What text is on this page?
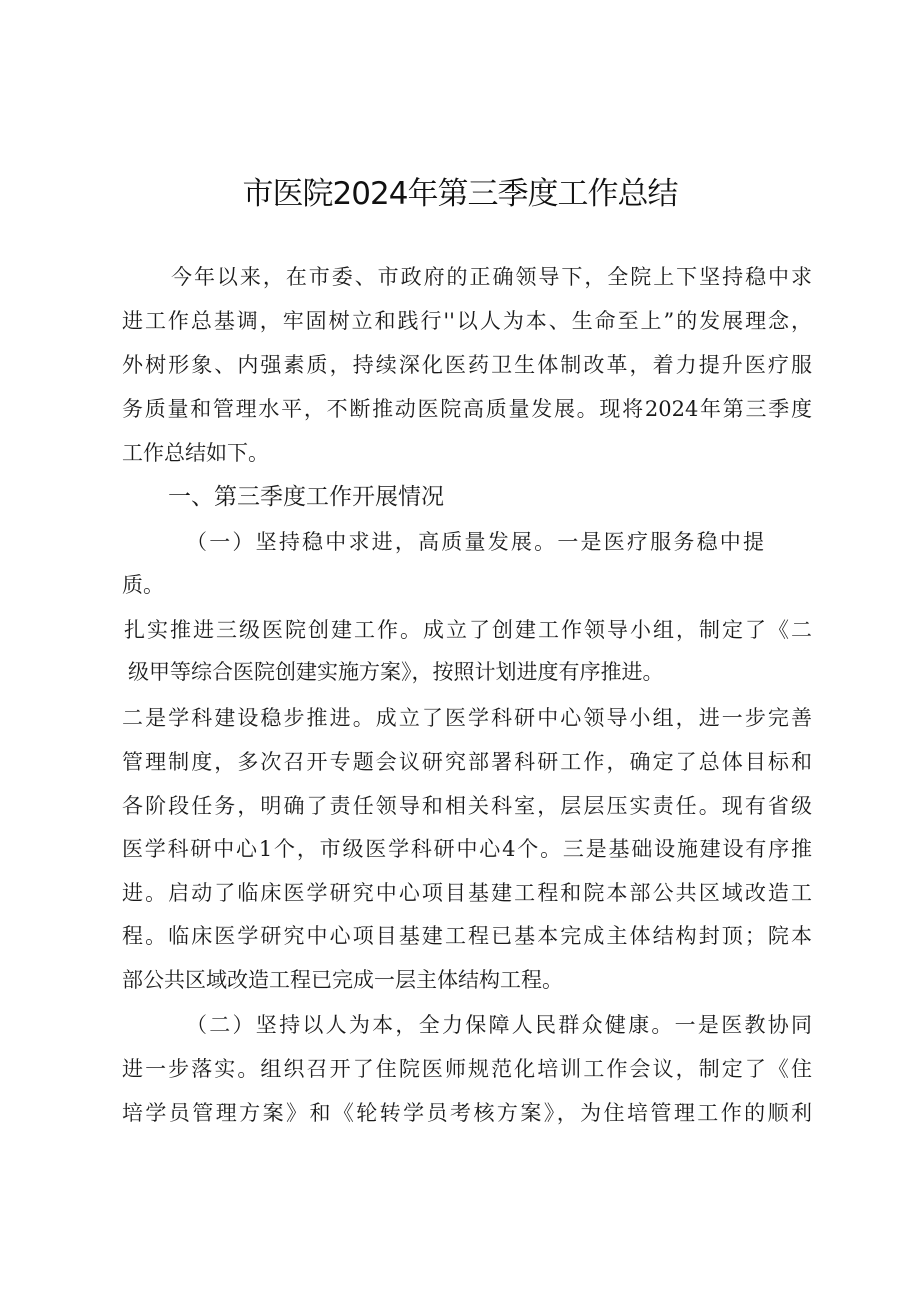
市医院2024年第三季度工作总结
今年以来，在市委、市政府的正确领导下，全院上下坚持稳中求
进工作总基调，牢固树立和践行''以人为本、生命至上”的发展理念，
外树形象、内强素质，持续深化医药卫生体制改革，着力提升医疗服
务质量和管理水平，不断推动医院高质量发展。现将2024年第三季度
工作总结如下。
一、第三季度工作开展情况
（一）坚持稳中求进，高质量发展。一是医疗服务稳中提
质。
扎实推进三级医院创建工作。成立了创建工作领导小组，制定了《二
级甲等综合医院创建实施方案》，按照计划进度有序推进。
二是学科建设稳步推进。成立了医学科研中心领导小组，进一步完善
管理制度，多次召开专题会议研究部署科研工作，确定了总体目标和
各阶段任务，明确了责任领导和相关科室，层层压实责任。现有省级
医学科研中心1个，市级医学科研中心4个。三是基础设施建设有序推
进。启动了临床医学研究中心项目基建工程和院本部公共区域改造工
程。临床医学研究中心项目基建工程已基本完成主体结构封顶；院本
部公共区域改造工程已完成一层主体结构工程。
（二）坚持以人为本，全力保障人民群众健康。一是医教协同
进一步落实。组织召开了住院医师规范化培训工作会议，制定了《住
培学员管理方案》和《轮转学员考核方案》，为住培管理工作的顺利
